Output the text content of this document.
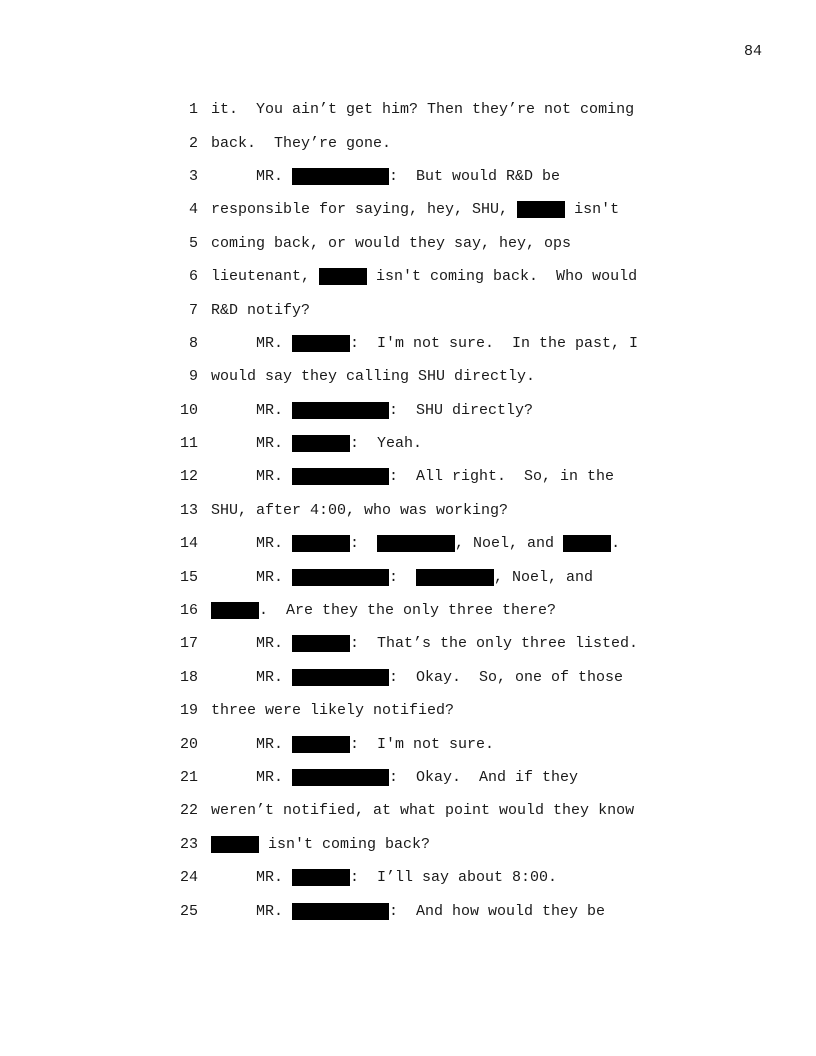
84
1 it.  You ain’t get him? Then they’re not coming
2 back.  They’re gone.
3 MR.	:  But would R&D be
4 responsible for saying, hey, SHU,	isn't
5 coming back, or would they say, hey, ops
6 lieutenant,	isn't coming back.  Who would
7 R&D notify?
8 MR.	:  I'm not sure.  In the past, I
9 would say they calling SHU directly.
10 MR.	:  SHU directly?
11 MR.	:  Yeah.
12 MR.	:  All right.  So, in the
13 SHU, after 4:00, who was working?
14 MR.	:	, Noel, and	.
15 MR.	:	, Noel, and
16	.  Are they the only three there?
17 MR.	:  That’s the only three listed.
18 MR.	:  Okay.  So, one of those
19 three were likely notified?
20 MR.	:  I'm not sure.
21 MR.	:  Okay.  And if they
22 weren’t notified, at what point would they know
23	isn't coming back?
24 MR.	:  I’ll say about 8:00.
25 MR.	:  And how would they be
